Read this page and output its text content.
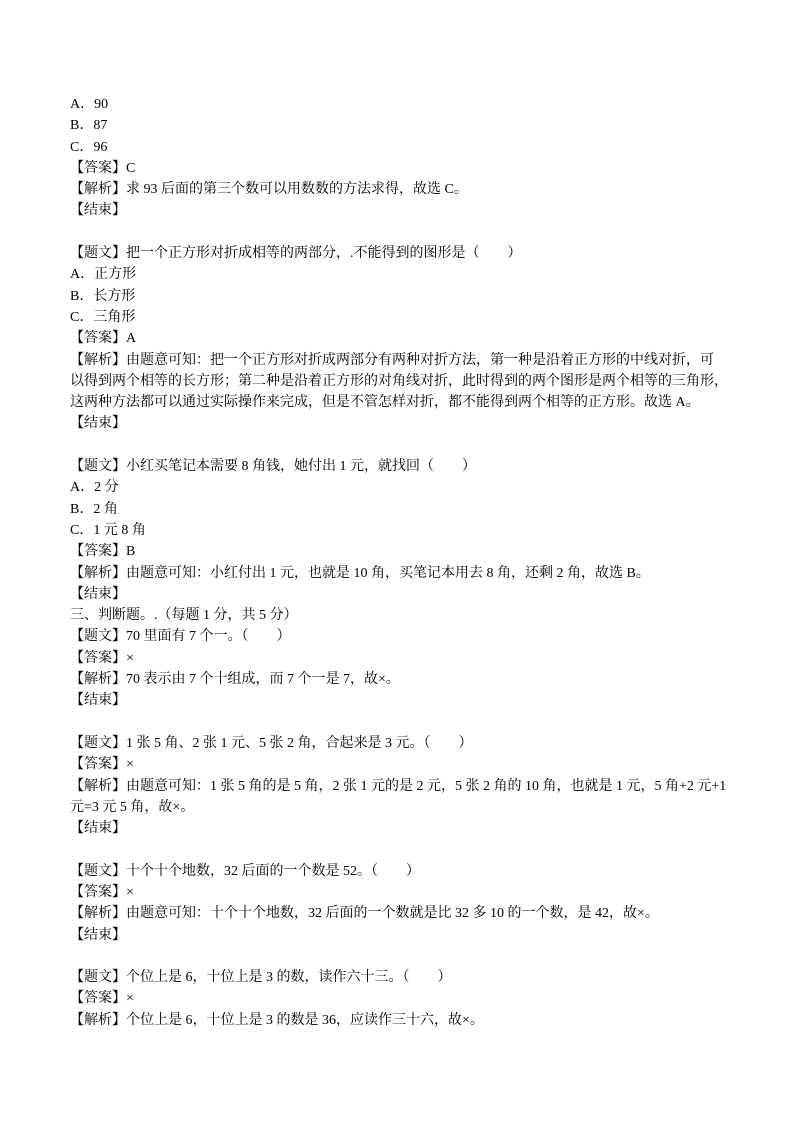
A．90
B．87
C．96
【答案】C
【解析】求 93 后面的第三个数可以用数数的方法求得，故选 C。
【结束】
【题文】把一个正方形对折成相等的两部分，.不能得到的图形是（　　）
A．正方形
B．长方形
C．三角形
【答案】A
【解析】由题意可知：把一个正方形对折成两部分有两种对折方法，第一种是沿着正方形的中线对折，可
以得到两个相等的长方形；第二种是沿着正方形的对角线对折，此时得到的两个图形是两个相等的三角形，
这两种方法都可以通过实际操作来完成，但是不管怎样对折，都不能得到两个相等的正方形。故选 A。
【结束】
【题文】小红买笔记本需要 8 角钱，她付出 1 元，就找回（　　）
A．2 分
B．2 角
C．1 元 8 角
【答案】B
【解析】由题意可知：小红付出 1 元，也就是 10 角，买笔记本用去 8 角，还剩 2 角，故选 B。
【结束】
三、判断题。.（每题 1 分，共 5 分）
【题文】70 里面有 7 个一。（　　）
【答案】×
【解析】70 表示由 7 个十组成，而 7 个一是 7，故×。
【结束】
【题文】1 张 5 角、2 张 1 元、5 张 2 角，合起来是 3 元。（　　）
【答案】×
【解析】由题意可知：1 张 5 角的是 5 角，2 张 1 元的是 2 元，5 张 2 角的 10 角，也就是 1 元，5 角+2 元+1
元=3 元 5 角，故×。
【结束】
【题文】十个十个地数，32 后面的一个数是 52。（　　）
【答案】×
【解析】由题意可知：十个十个地数，32 后面的一个数就是比 32 多 10 的一个数，是 42，故×。
【结束】
【题文】个位上是 6，十位上是 3 的数，读作六十三。（　　）
【答案】×
【解析】个位上是 6，十位上是 3 的数是 36，应读作三十六，故×。
